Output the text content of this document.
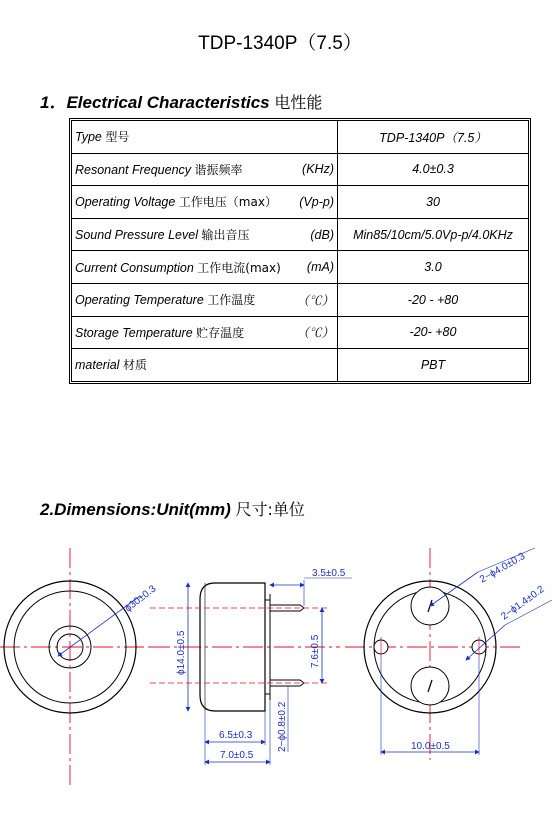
TDP-1340P（7.5）
1．Electrical Characteristics 电性能
Type 型号	TDP-1340P（7.5）
Resonant Frequency 谐振频率 (KHz)	4.0±0.3
Operating Voltage 工作电压（max） (Vp-p)	30
Sound Pressure Level 输出音压 (dB)	Min85/10cm/5.0Vp-p/4.0KHz
Current Consumption 工作电流(max) (mA)	3.0
Operating Temperature 工作温度 （℃）	-20 - +80
Storage Temperature 贮存温度 （℃）	-20- +80
material 材质	PBT
2.Dimensions:Unit(mm) 尺寸:单位
ϕ30±0.3
ϕ14.0±0.5
3.5±0.5
7.6±0.5
6.5±0.3
7.0±0.5
2−ϕ0.8±0.2
2−ϕ4.0±0.3
2−ϕ1.4±0.2
10.0±0.5
